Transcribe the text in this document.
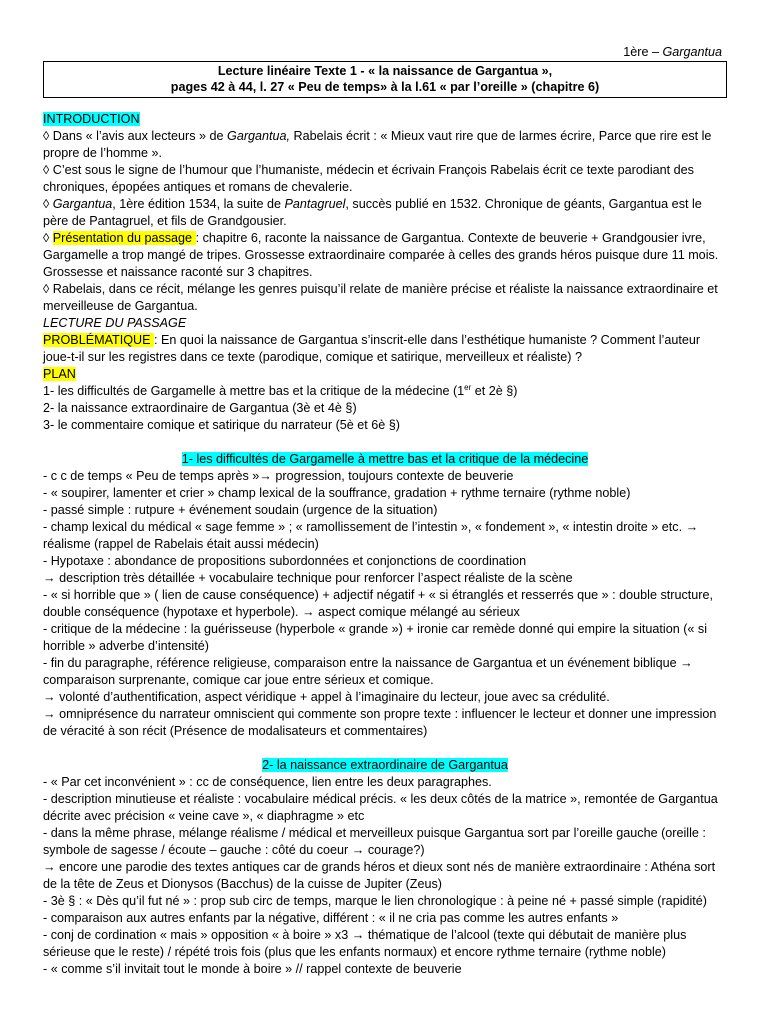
1ère – Gargantua
Lecture linéaire Texte 1 - « la naissance de Gargantua »,
pages 42 à 44, l. 27 « Peu de temps» à la l.61 « par l’oreille » (chapitre 6)
INTRODUCTION

◊ Dans « l’avis aux lecteurs » de Gargantua, Rabelais écrit : « Mieux vaut rire que de larmes écrire, Parce que rire est le propre de l’homme ».

◊ C’est sous le signe de l’humour que l’humaniste, médecin et écrivain François Rabelais écrit ce texte parodiant des chroniques, épopées antiques et romans de chevalerie.

◊ Gargantua, 1ère édition 1534, la suite de Pantagruel, succès publié en 1532. Chronique de géants, Gargantua est le père de Pantagruel, et fils de Grandgousier.

◊ Présentation du passage : chapitre 6, raconte la naissance de Gargantua. Contexte de beuverie + Grandgousier ivre, Gargamelle a trop mangé de tripes. Grossesse extraordinaire comparée à celles des grands héros puisque dure 11 mois. Grossesse et naissance raconté sur 3 chapitres.

◊ Rabelais, dans ce récit, mélange les genres puisqu’il relate de manière précise et réaliste la naissance extraordinaire et merveilleuse de Gargantua.

LECTURE DU PASSAGE

PROBLÉMATIQUE : En quoi la naissance de Gargantua s’inscrit-elle dans l’esthétique humaniste ? Comment l’auteur joue-t-il sur les registres dans ce texte (parodique, comique et satirique, merveilleux et réaliste) ?

PLAN

1- les difficultés de Gargamelle à mettre bas et la critique de la médecine (1er et 2è §)

2- la naissance extraordinaire de Gargantua (3è et 4è §)

3- le commentaire comique et satirique du narrateur (5è et 6è §)

1- les difficultés de Gargamelle à mettre bas et la critique de la médecine

- c c de temps « Peu de temps après »→ progression, toujours contexte de beuverie

- « soupirer, lamenter et crier » champ lexical de la souffrance, gradation + rythme ternaire (rythme noble)

- passé simple : rutpure + événement soudain (urgence de la situation)

- champ lexical du médical « sage femme » ; « ramollissement de l’intestin », « fondement », « intestin droite » etc. → réalisme (rappel de Rabelais était aussi médecin)

- Hypotaxe : abondance de propositions subordonnées et conjonctions de coordination

→ description très détaillée + vocabulaire technique pour renforcer l’aspect réaliste de la scène

- « si horrible que » ( lien de cause conséquence) + adjectif négatif + « si étranglés et resserrés que » : double structure, double conséquence (hypotaxe et hyperbole). → aspect comique mélangé au sérieux

- critique de la médecine : la guérisseuse (hyperbole « grande ») + ironie car remède donné qui empire la situation (« si horrible » adverbe d’intensité)

- fin du paragraphe, référence religieuse, comparaison entre la naissance de Gargantua et un événement biblique → comparaison surprenante, comique car joue entre sérieux et comique.

→ volonté d’authentification, aspect véridique + appel à l’imaginaire du lecteur, joue avec sa crédulité.

→ omniprésence du narrateur omniscient qui commente son propre texte : influencer le lecteur et donner une impression de véracité à son récit (Présence de modalisateurs et commentaires)

2- la naissance extraordinaire de Gargantua

- « Par cet inconvénient » : cc de conséquence, lien entre les deux paragraphes.

- description minutieuse et réaliste : vocabulaire médical précis. « les deux côtés de la matrice », remontée de Gargantua décrite avec précision « veine cave », « diaphragme » etc

- dans la même phrase, mélange réalisme / médical et merveilleux puisque Gargantua sort par l’oreille gauche (oreille : symbole de sagesse / écoute – gauche : côté du coeur → courage?)

→ encore une parodie des textes antiques car de grands héros et dieux sont nés de manière extraordinaire : Athéna sort de la tête de Zeus et Dionysos (Bacchus) de la cuisse de Jupiter (Zeus)

- 3è § : « Dès qu’il fut né » : prop sub circ de temps, marque le lien chronologique : à peine né + passé simple (rapidité)

- comparaison aux autres enfants par la négative, différent : « il ne cria pas comme les autres enfants »

- conj de cordination « mais » opposition « à boire » x3 → thématique de l’alcool (texte qui débutait de manière plus sérieuse que le reste) / répété trois fois (plus que les enfants normaux) et encore rythme ternaire (rythme noble)

- « comme s’il invitait tout le monde à boire » // rappel contexte de beuverie
